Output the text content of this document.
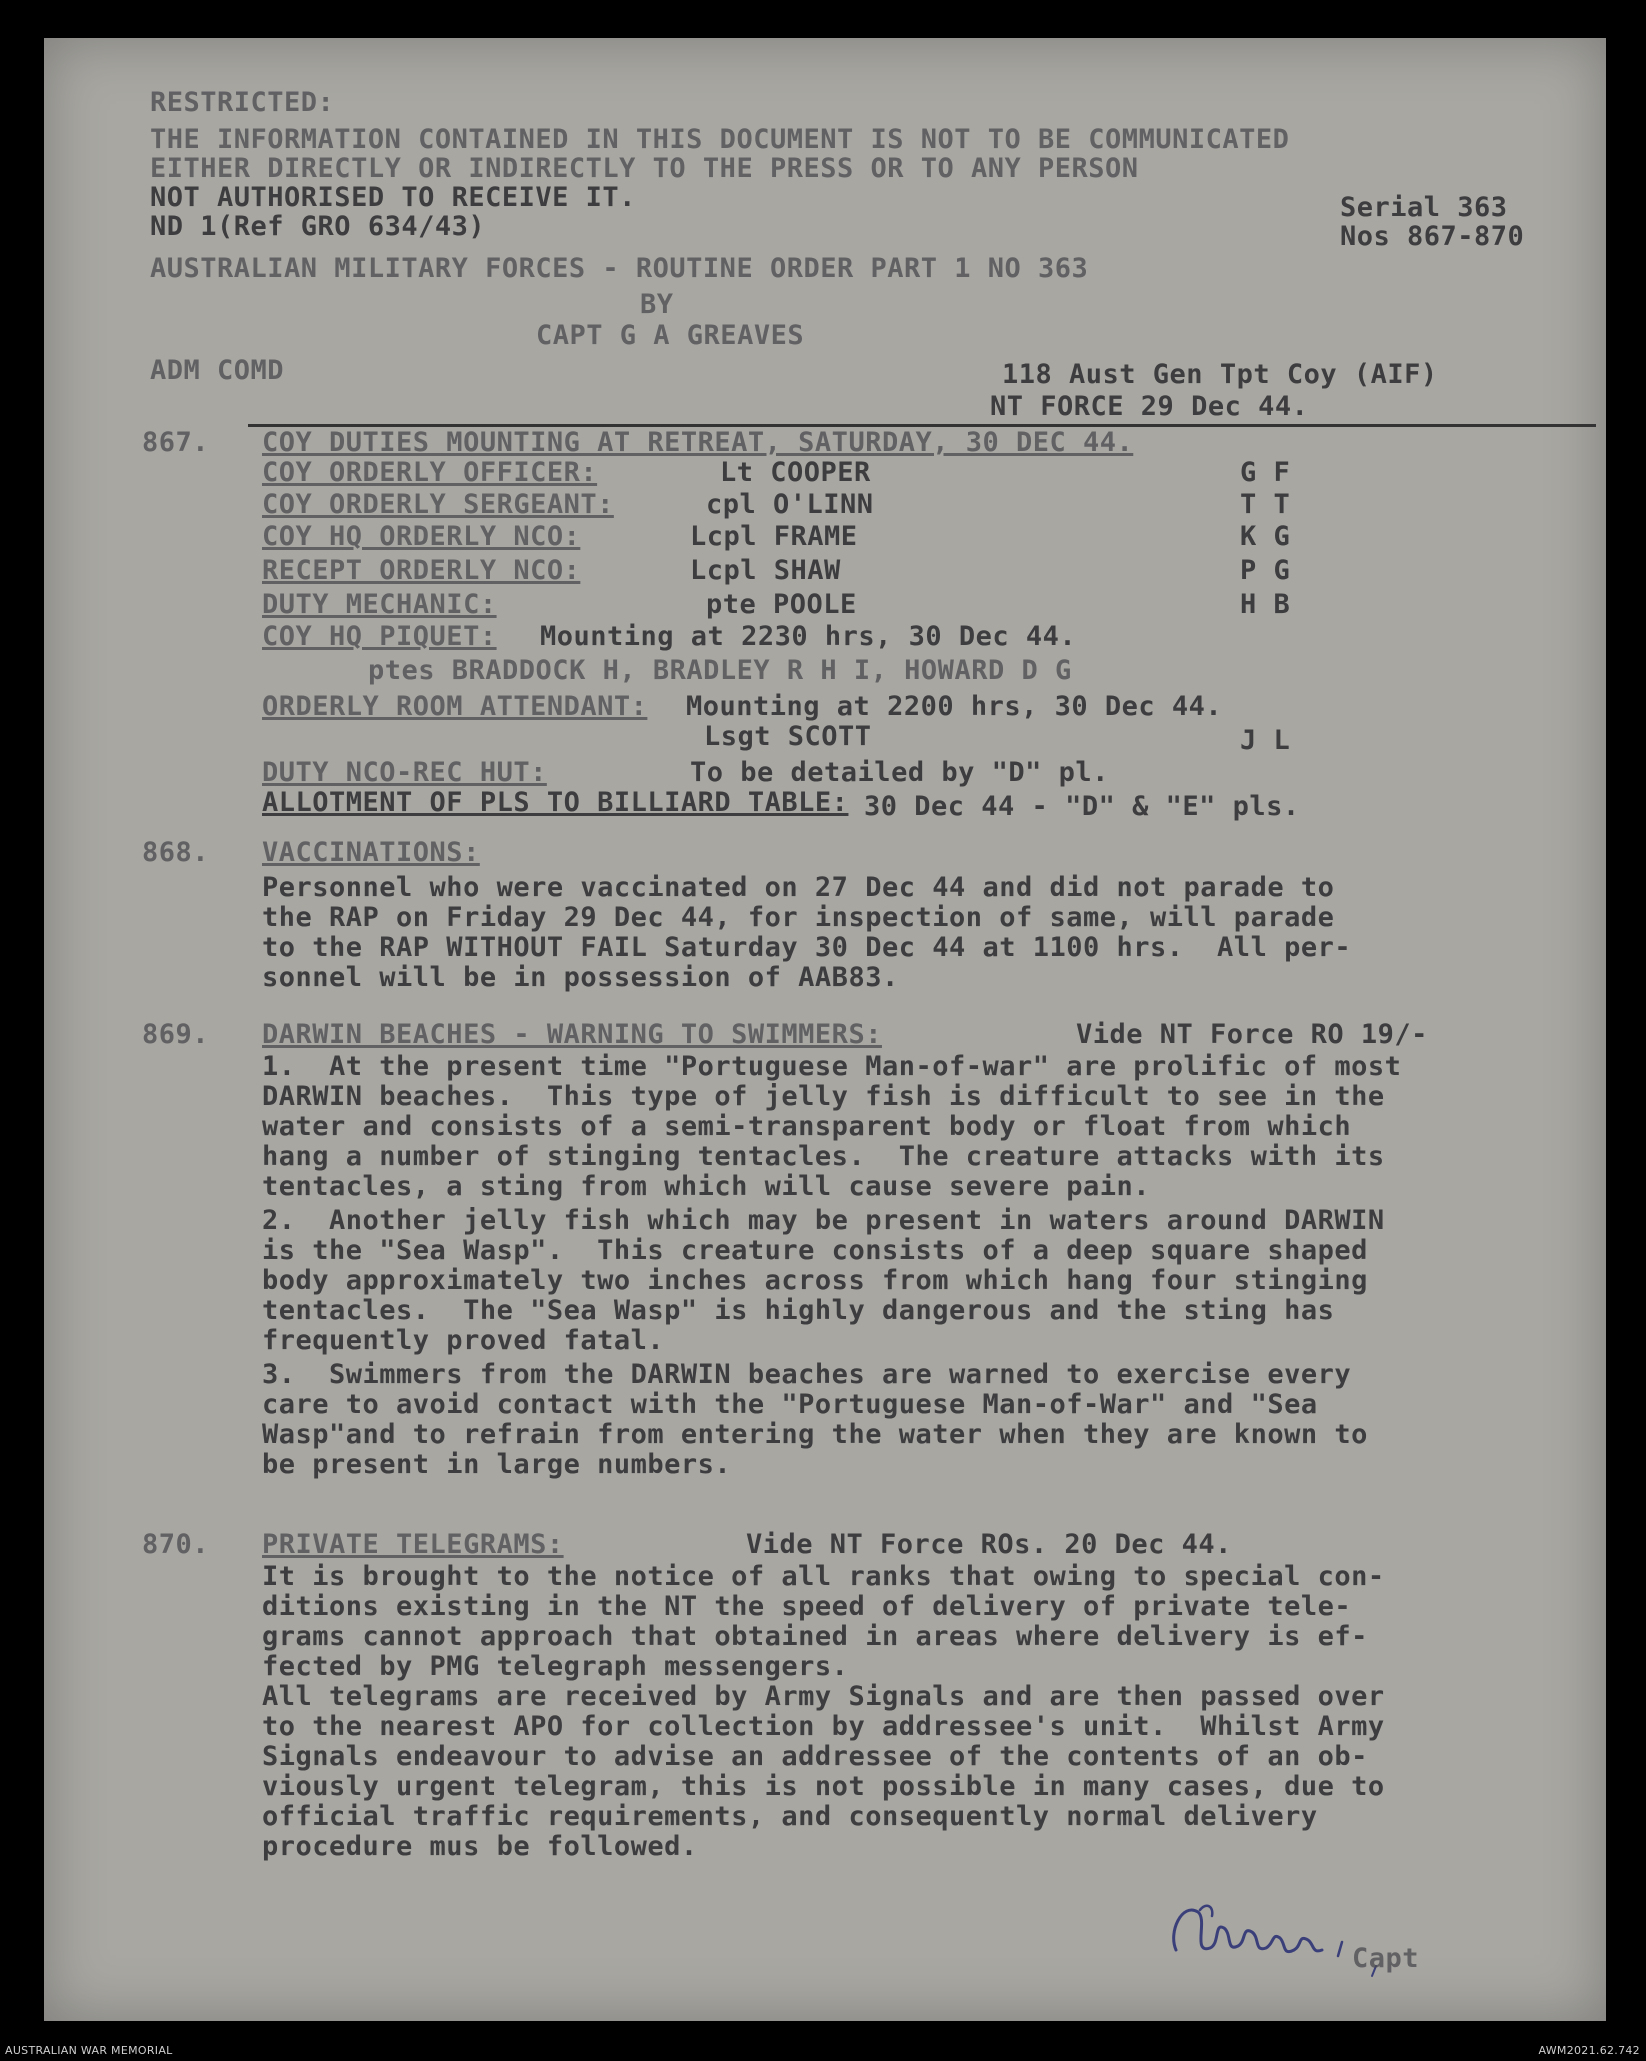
RESTRICTED:
THE INFORMATION CONTAINED IN THIS DOCUMENT IS NOT TO BE COMMUNICATED
EITHER DIRECTLY OR INDIRECTLY TO THE PRESS OR TO ANY PERSON
NOT AUTHORISED TO RECEIVE IT.	Serial 363
ND 1(Ref GRO 634/43)	Nos 867-870
AUSTRALIAN MILITARY FORCES - ROUTINE ORDER PART 1 NO 363
BY
CAPT G A GREAVES
ADM COMD	118 Aust Gen Tpt Coy (AIF)
NT FORCE 29 Dec 44.
867. COY DUTIES MOUNTING AT RETREAT, SATURDAY, 30 DEC 44.
COY ORDERLY OFFICER:	Lt COOPER	G F
COY ORDERLY SERGEANT:	cpl O'LINN	T T
COY HQ ORDERLY NCO:	Lcpl FRAME	K G
RECEPT ORDERLY NCO:	Lcpl SHAW	P G
DUTY MECHANIC:	pte POOLE	H B
COY HQ PIQUET: Mounting at 2230 hrs, 30 Dec 44.
ptes BRADDOCK H, BRADLEY R H I, HOWARD D G
ORDERLY ROOM ATTENDANT: Mounting at 2200 hrs, 30 Dec 44.
Lsgt SCOTT	J L
DUTY NCO-REC HUT:	To be detailed by "D" pl.
ALLOTMENT OF PLS TO BILLIARD TABLE: 30 Dec 44 - "D" & "E" pls.
868. VACCINATIONS:
Personnel who were vaccinated on 27 Dec 44 and did not parade to
the RAP on Friday 29 Dec 44, for inspection of same, will parade
to the RAP WITHOUT FAIL Saturday 30 Dec 44 at 1100 hrs.  All per-
sonnel will be in possession of AAB83.
869. DARWIN BEACHES - WARNING TO SWIMMERS:	Vide NT Force RO 19/-
1.  At the present time "Portuguese Man-of-war" are prolific of most
DARWIN beaches.  This type of jelly fish is difficult to see in the
water and consists of a semi-transparent body or float from which
hang a number of stinging tentacles.  The creature attacks with its
tentacles, a sting from which will cause severe pain.
2.  Another jelly fish which may be present in waters around DARWIN
is the "Sea Wasp".  This creature consists of a deep square shaped
body approximately two inches across from which hang four stinging
tentacles.  The "Sea Wasp" is highly dangerous and the sting has
frequently proved fatal.
3.  Swimmers from the DARWIN beaches are warned to exercise every
care to avoid contact with the "Portuguese Man-of-War" and "Sea
Wasp"and to refrain from entering the water when they are known to
be present in large numbers.
870. PRIVATE TELEGRAMS:	Vide NT Force ROs. 20 Dec 44.
It is brought to the notice of all ranks that owing to special con-
ditions existing in the NT the speed of delivery of private tele-
grams cannot approach that obtained in areas where delivery is ef-
fected by PMG telegraph messengers.
All telegrams are received by Army Signals and are then passed over
to the nearest APO for collection by addressee's unit.  Whilst Army
Signals endeavour to advise an addressee of the contents of an ob-
viously urgent telegram, this is not possible in many cases, due to
official traffic requirements, and consequently normal delivery
procedure mus be followed.
Capt
AUSTRALIAN WAR MEMORIAL	AWM2021.62.742
